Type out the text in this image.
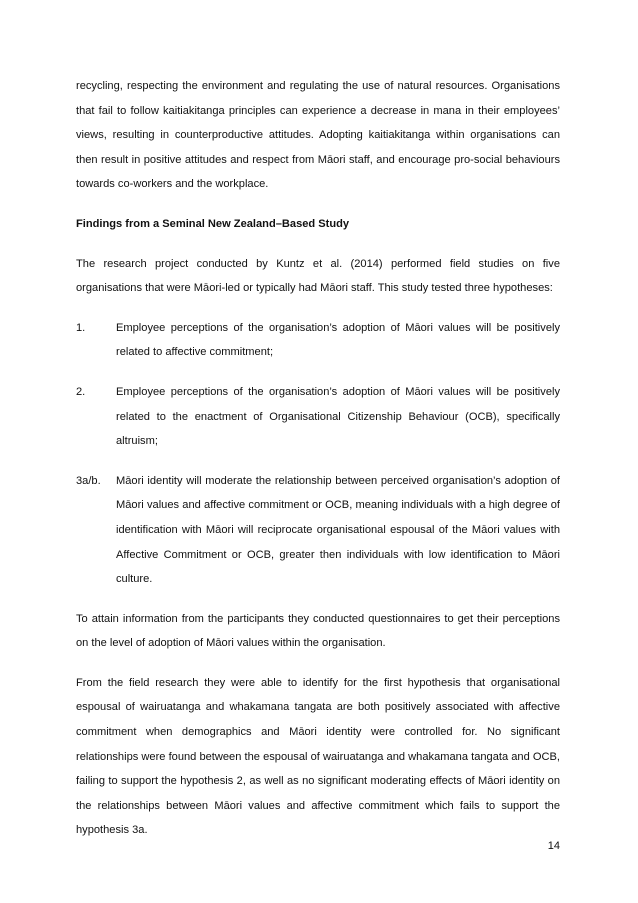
recycling, respecting the environment and regulating the use of natural resources. Organisations that fail to follow kaitiakitanga principles can experience a decrease in mana in their employees’ views, resulting in counterproductive attitudes. Adopting kaitiakitanga within organisations can then result in positive attitudes and respect from Māori staff, and encourage pro-social behaviours towards co-workers and the workplace.

Findings from a Seminal New Zealand–Based Study

The research project conducted by Kuntz et al. (2014) performed field studies on five organisations that were Māori-led or typically had Māori staff. This study tested three hypotheses:

1.	Employee perceptions of the organisation’s adoption of Māori values will be positively related to affective commitment;
2.	Employee perceptions of the organisation’s adoption of Māori values will be positively related to the enactment of Organisational Citizenship Behaviour (OCB), specifically altruism;
3a/b.	Māori identity will moderate the relationship between perceived organisation’s adoption of Māori values and affective commitment or OCB, meaning individuals with a high degree of identification with Māori will reciprocate organisational espousal of the Māori values with Affective Commitment or OCB, greater then individuals with low identification to Māori culture.

To attain information from the participants they conducted questionnaires to get their perceptions on the level of adoption of Māori values within the organisation.

From the field research they were able to identify for the first hypothesis that organisational espousal of wairuatanga and whakamana tangata are both positively associated with affective commitment when demographics and Māori identity were controlled for. No significant relationships were found between the espousal of wairuatanga and whakamana tangata and OCB, failing to support the hypothesis 2, as well as no significant moderating effects of Māori identity on the relationships between Māori values and affective commitment which fails to support the hypothesis 3a.

14
